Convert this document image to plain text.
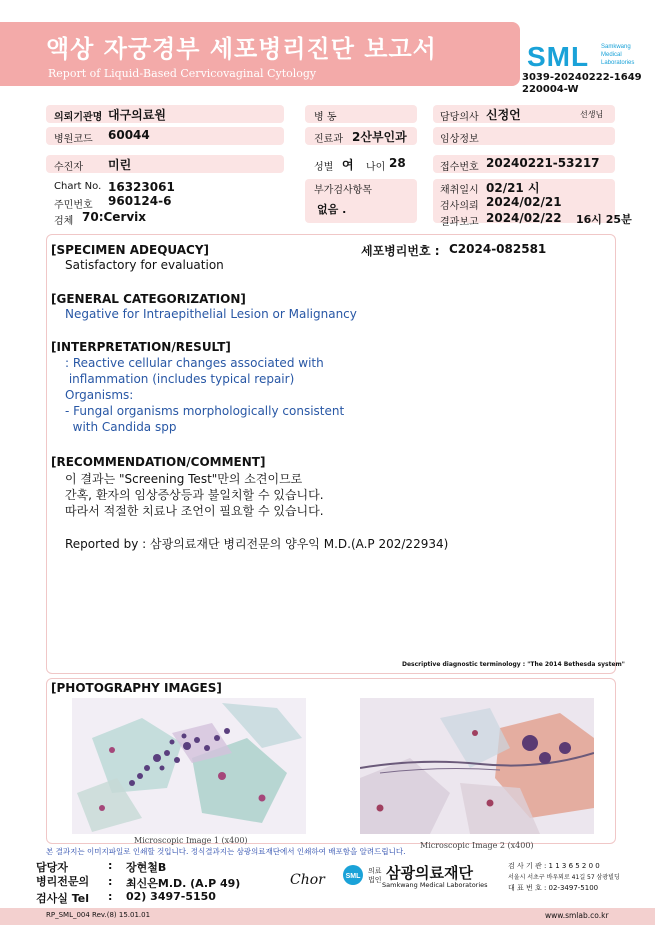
액상 자궁경부 세포병리진단 보고서
Report of Liquid-Based Cervicovaginal Cytology
SML Samkwang
Medical
Laboratories
3039-20240222-1649 220004-W
의뢰기관명 대구의료원	병 동	담당의사 신정언	선생님
병원코드 60044	진료과 2산부인과	임상정보
수진자 미린	성별 여 나이 28	접수번호 20240221-53217
Chart No. 16323061
주민번호 960124-6
검체 70:Cervix
부가검사항목
없음 .
채취일시 02/21 시
검사의뢰 2024/02/21
결과보고 2024/02/22 16시 25분
세포병리번호 : C2024-082581
[SPECIMEN ADEQUACY]
Satisfactory for evaluation
[GENERAL CATEGORIZATION]
Negative for Intraepithelial Lesion or Malignancy
[INTERPRETATION/RESULT]
: Reactive cellular changes associated with
inflammation (includes typical repair)
Organisms:
- Fungal organisms morphologically consistent
with Candida spp
[RECOMMENDATION/COMMENT]
이 결과는 "Screening Test"만의 소견이므로
간혹, 환자의 임상증상등과 불일치할 수 있습니다.
따라서 적절한 치료나 조언이 필요할 수 있습니다.
Reported by : 삼광의료재단 병리전문의 양우익 M.D.(A.P 202/22934)
Descriptive diagnostic terminology : "The 2014 Bethesda system"
[PHOTOGRAPHY IMAGES]
Microscopic Image 1 (x400)
Microscopic Image 2 (x400)
본 결과지는 이미지파일로 인쇄할 것입니다. 정식결과지는 삼광의료재단에서 인쇄하여 배포함을 알려드립니다.
담당자	: 장현철B
병리전문의 : 최신은M.D. (A.P 49)
검사실 Tel : 02) 3497-5150
Chor	SML
의료
법인 삼광의료재단
Samkwang Medical Laboratories
검 사 기 관 : 1 1 3 6 5 2 0 0
서울시 서초구 바우뫼로 41길 57 삼광빌딩
대 표 번 호 : 02-3497-5100
RP_SML_004 Rev.(8) 15.01.01	www.smlab.co.kr
